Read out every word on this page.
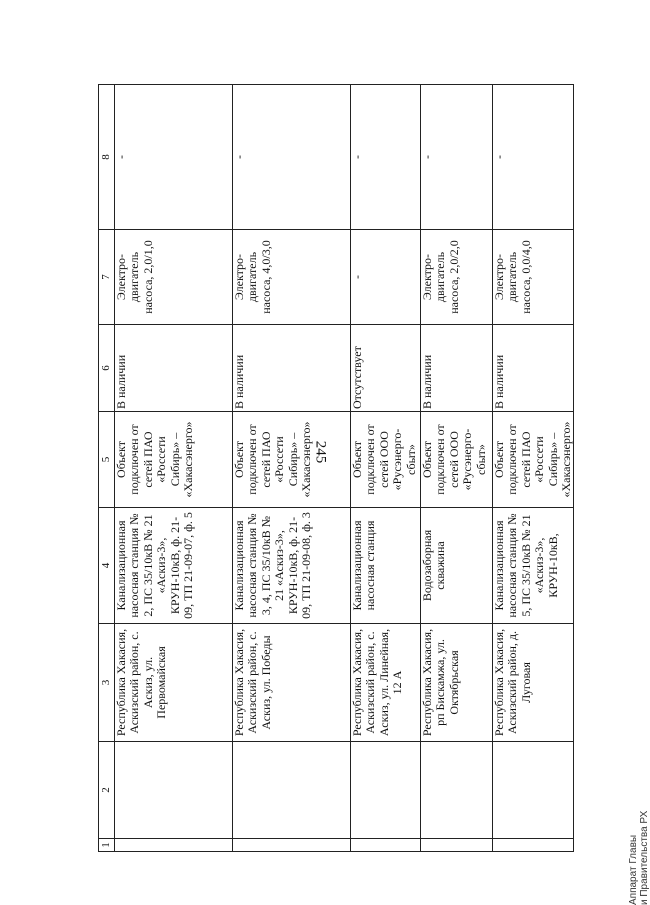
245
1	2	3	4	5	6	7	8
		Республика Хакасия, Аскизский район, с. Аскиз, ул. Первомайская	Канализационная насосная станция № 2, ПС 35/10кВ № 21 «Аскиз-3», КРУН-10кВ, ф. 21-09, ТП 21-09-07, ф. 5	Объект подключен от сетей ПАО «Россети Сибирь» – «Хакасэнерго»	В наличии	Электро-двигатель насоса, 2,0/1,0	-
		Республика Хакасия, Аскизский район, с. Аскиз, ул. Победы	Канализационная насосная станция № 3, 4, ПС 35/10кВ № 21 «Аскиз-3», КРУН-10кВ, ф. 21-09, ТП 21-09-08, ф. 3	Объект подключен от сетей ПАО «Россети Сибирь» – «Хакасэнерго»	В наличии	Электро-двигатель насоса, 4,0/3,0	-
		Республика Хакасия, Аскизский район, с. Аскиз, ул. Линейная, 12 А	Канализационная насосная станция	Объект подключен от сетей ООО «Русэнерго-сбыт»	Отсутствует	-	-
		Республика Хакасия, рп Бискамжа, ул. Октябрьская	Водозаборная скважина	Объект подключен от сетей ООО «Русэнерго-сбыт»	В наличии	Электро-двигатель насоса, 2,0/2,0	-
		Республика Хакасия, Аскизский район, д. Луговая	Канализационная насосная станция № 5, ПС 35/10кВ № 21 «Аскиз-3», КРУН-10кВ,	Объект подключен от сетей ПАО «Россети Сибирь» – «Хакасэнерго»	В наличии	Электро-двигатель насоса, 0,0/4,0	-
Аппарат Главы и Правительства РХ
